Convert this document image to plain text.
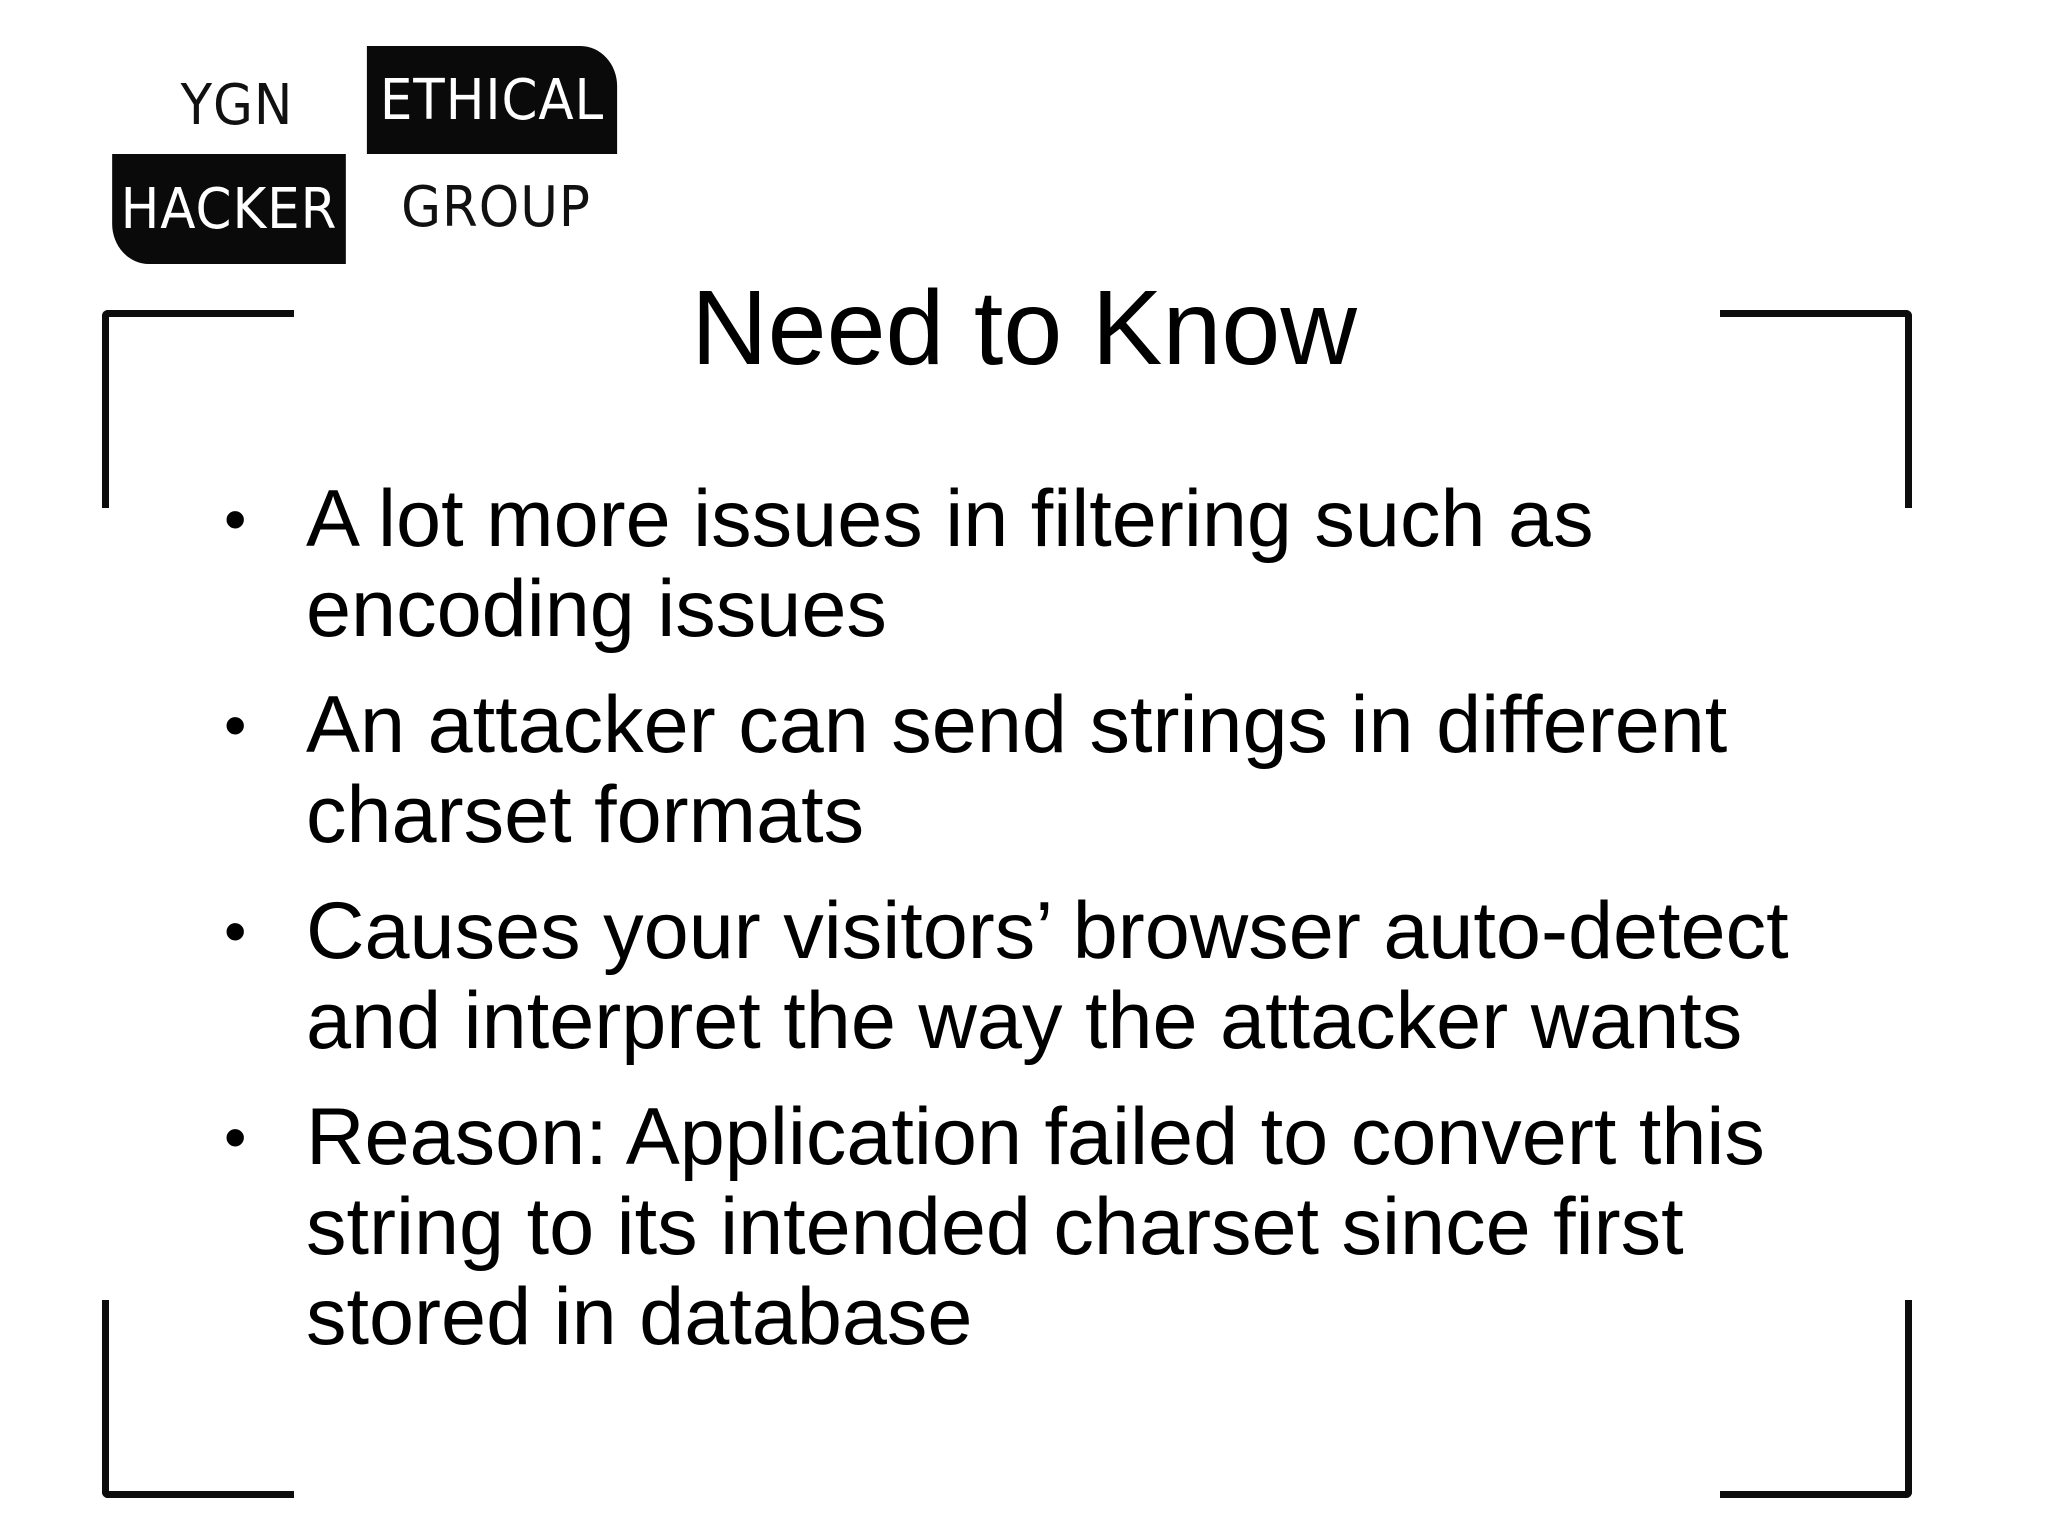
YGN	ETHICAL
HACKER	GROUP
Need to Know
• A lot more issues in filtering such as encoding issues
• An attacker can send strings in different charset formats
• Causes your visitors’ browser auto-detect and interpret the way the attacker wants
• Reason: Application failed to convert this string to its intended charset since first stored in database
